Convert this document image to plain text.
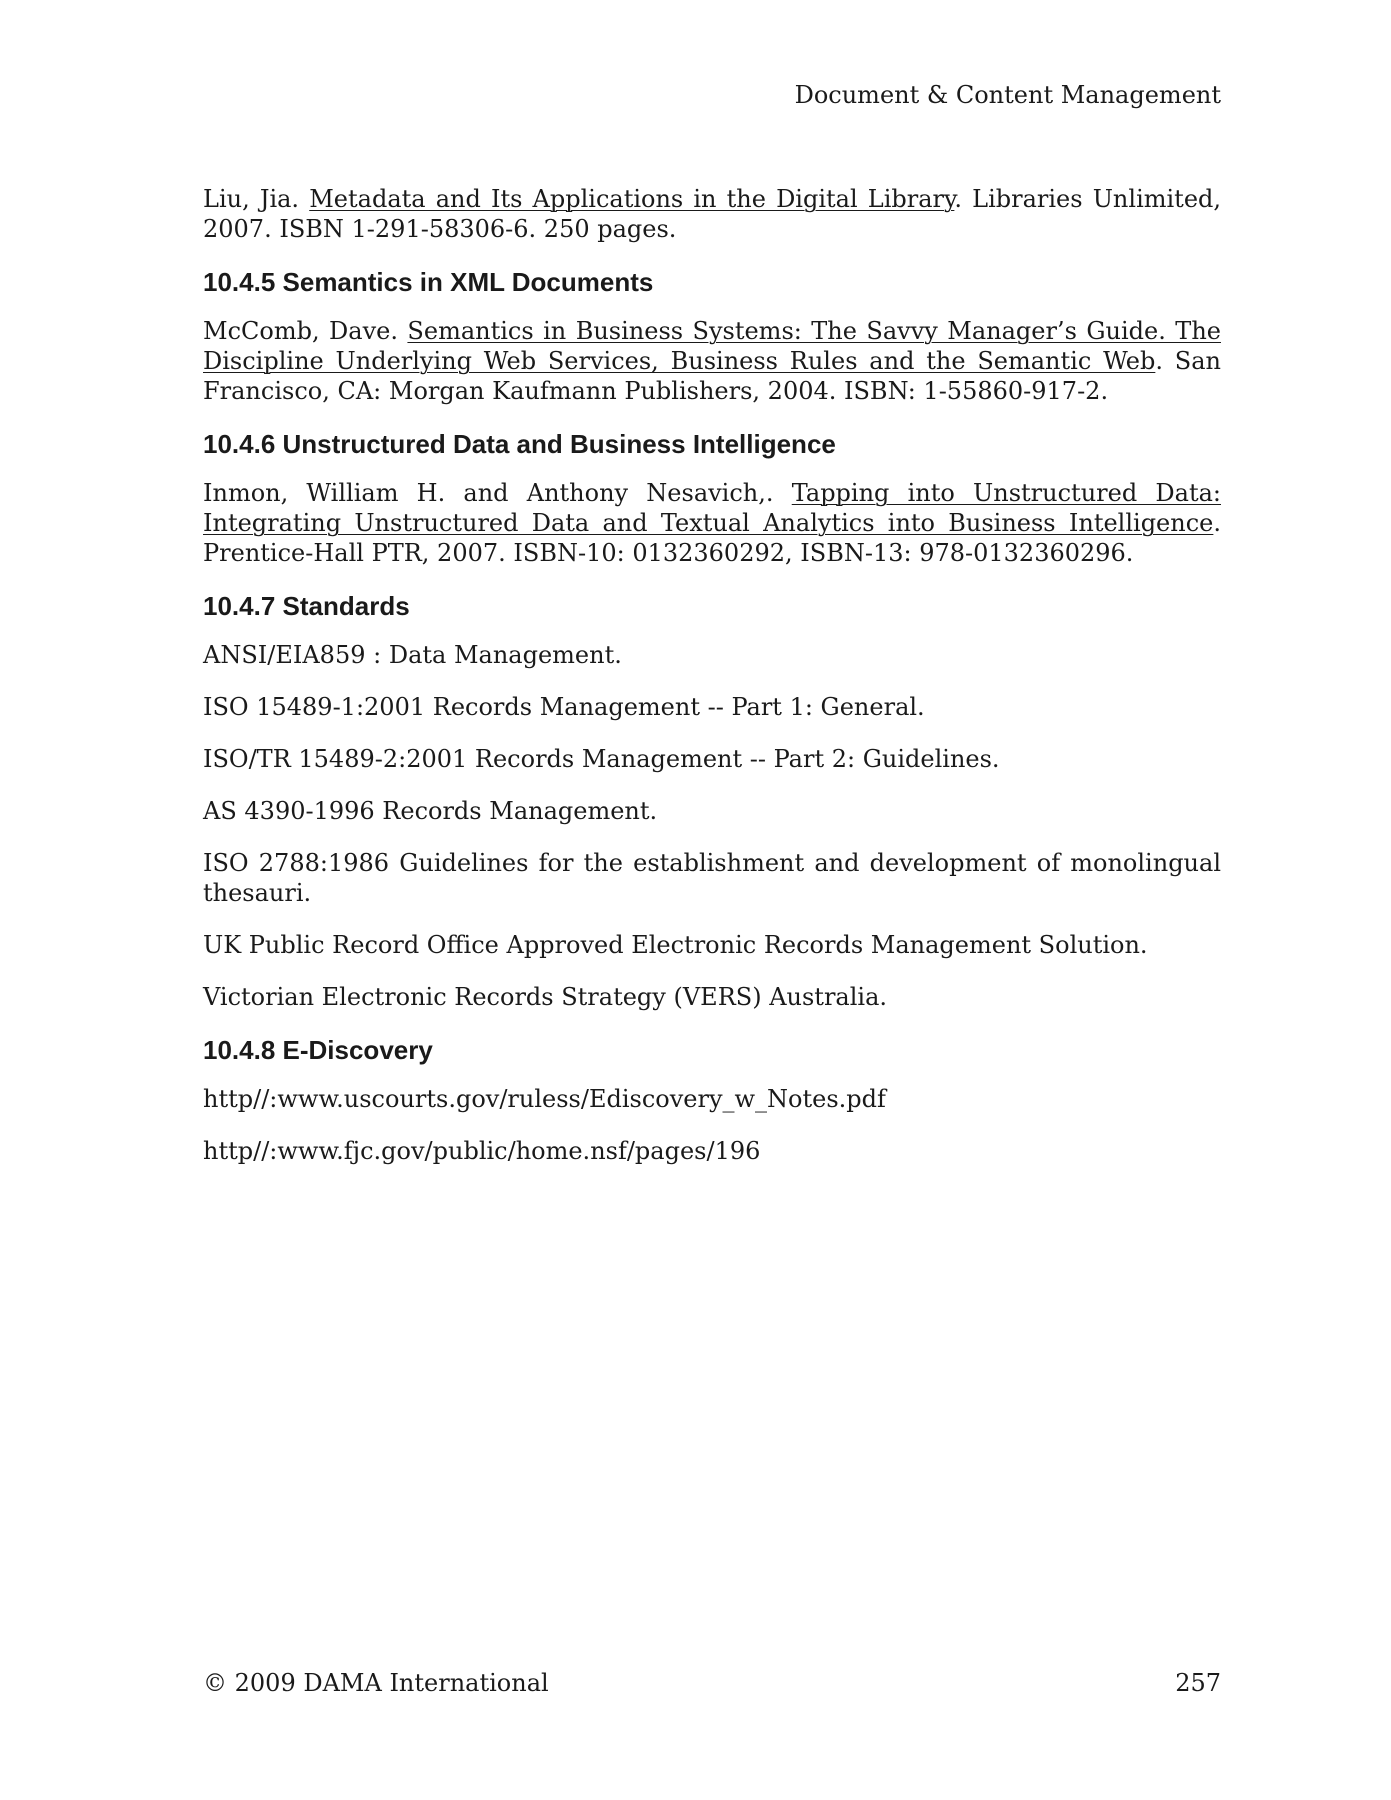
Document & Content Management

Liu, Jia. Metadata and Its Applications in the Digital Library. Libraries Unlimited, 2007. ISBN 1-291-58306-6. 250 pages.

10.4.5 Semantics in XML Documents

McComb, Dave. Semantics in Business Systems: The Savvy Manager’s Guide. The Discipline Underlying Web Services, Business Rules and the Semantic Web. San Francisco, CA: Morgan Kaufmann Publishers, 2004. ISBN: 1-55860-917-2.

10.4.6 Unstructured Data and Business Intelligence

Inmon, William H. and Anthony Nesavich,. Tapping into Unstructured Data: Integrating Unstructured Data and Textual Analytics into Business Intelligence. Prentice-Hall PTR, 2007. ISBN-10: 0132360292, ISBN-13: 978-0132360296.

10.4.7 Standards

ANSI/EIA859 : Data Management.

ISO 15489-1:2001 Records Management -- Part 1: General.

ISO/TR 15489-2:2001 Records Management -- Part 2: Guidelines.

AS 4390-1996 Records Management.

ISO 2788:1986 Guidelines for the establishment and development of monolingual thesauri.

UK Public Record Office Approved Electronic Records Management Solution.

Victorian Electronic Records Strategy (VERS) Australia.

10.4.8 E-Discovery

http//:www.uscourts.gov/ruless/Ediscovery_w_Notes.pdf

http//:www.fjc.gov/public/home.nsf/pages/196

© 2009 DAMA International	257
